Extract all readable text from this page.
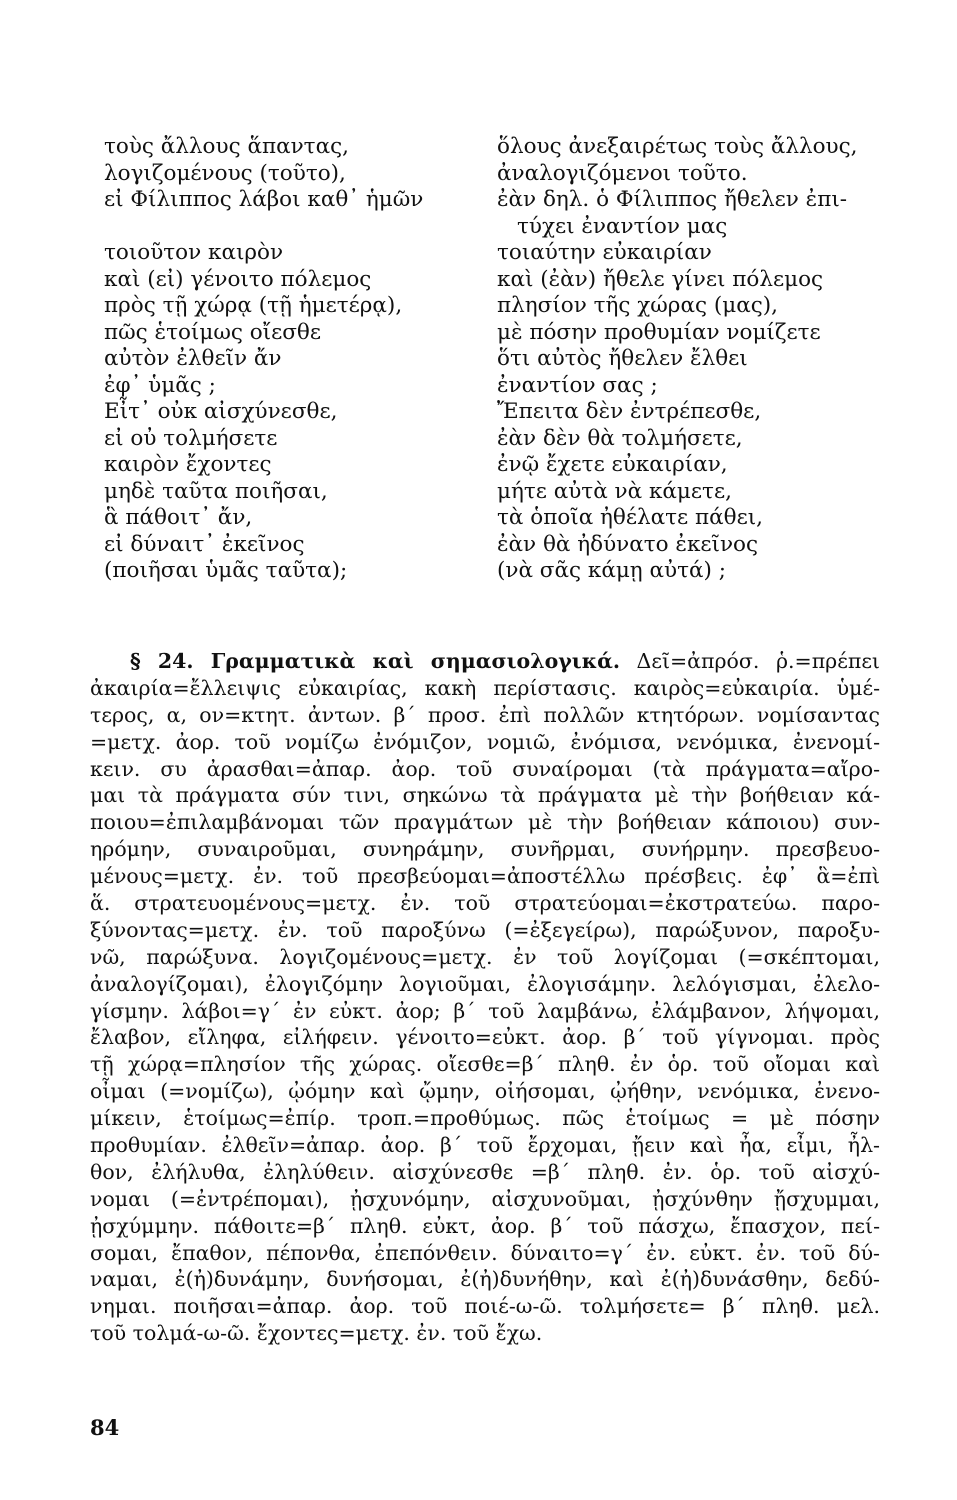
τοὺς ἄλλους ἅπαντας,
λογιζομένους (τοῦτο),
εἰ Φίλιππος λάβοι καθ᾽ ἡμῶν
τοιοῦτον καιρὸν
καὶ (εἰ) γένοιτο πόλεμος
πρὸς τῇ χώρᾳ (τῇ ἡμετέρᾳ),
πῶς ἑτοίμως οἴεσθε
αὐτὸν ἐλθεῖν ἄν
ἐφ᾽ ὑμᾶς ;
Εἶτ᾽ οὐκ αἰσχύνεσθε,
εἰ οὐ τολμήσετε
καιρὸν ἔχοντες
μηδὲ ταῦτα ποιῆσαι,
ἃ πάθοιτ᾽ ἄν,
εἰ δύναιτ᾽ ἐκεῖνος
(ποιῆσαι ὑμᾶς ταῦτα);
ὅλους ἀνεξαιρέτως τοὺς ἄλλους,
ἀναλογιζόμενοι τοῦτο.
ἐὰν δηλ. ὁ Φίλιππος ἤθελεν ἐπι-
τύχει ἐναντίον μας
τοιαύτην εὐκαιρίαν
καὶ (ἐὰν) ἤθελε γίνει πόλεμος
πλησίον τῆς χώρας (μας),
μὲ πόσην προθυμίαν νομίζετε
ὅτι αὐτὸς ἤθελεν ἔλθει
ἐναντίον σας ;
Ἔπειτα δὲν ἐντρέπεσθε,
ἐὰν δὲν θὰ τολμήσετε,
ἐνῷ ἔχετε εὐκαιρίαν,
μήτε αὐτὰ νὰ κάμετε,
τὰ ὁποῖα ἠθέλατε πάθει,
ἐὰν θὰ ἠδύνατο ἐκεῖνος
(νὰ σᾶς κάμῃ αὐτά) ;
§ 24. Γραμματικὰ καὶ σημασιολογικά. Δεῖ=ἀπρόσ. ῥ.=πρέπει
ἀκαιρία=ἔλλειψις εὐκαιρίας, κακὴ περίστασις. καιρὸς=εὐκαιρία. ὑμέ-
τερος, α, ον=κτητ. ἀντων. β΄ προσ. ἐπὶ πολλῶν κτητόρων. νομίσαντας
=μετχ. ἀορ. τοῦ νομίζω ἐνόμιζον, νομιῶ, ἐνόμισα, νενόμικα, ἐνενομί-
κειν. συ ἀρασθαι=ἀπαρ. ἀορ. τοῦ συναίρομαι (τὰ πράγματα=αἴρο-
μαι τὰ πράγματα σύν τινι, σηκώνω τὰ πράγματα μὲ τὴν βοήθειαν κά-
ποιου=ἐπιλαμβάνομαι τῶν πραγμάτων μὲ τὴν βοήθειαν κάποιου) συν-
ηρόμην, συναιροῦμαι, συνηράμην, συνῆρμαι, συνήρμην. πρεσβευο-
μένους=μετχ. ἐν. τοῦ πρεσβεύομαι=ἀποστέλλω πρέσβεις. ἐφ᾽ ἃ=ἐπὶ
ἅ. στρατευομένους=μετχ. ἐν. τοῦ στρατεύομαι=ἐκστρατεύω. παρο-
ξύνοντας=μετχ. ἐν. τοῦ παροξύνω (=ἐξεγείρω), παρώξυνον, παροξυ-
νῶ, παρώξυνα. λογιζομένους=μετχ. ἐν τοῦ λογίζομαι (=σκέπτομαι,
ἀναλογίζομαι), ἐλογιζόμην λογιοῦμαι, ἐλογισάμην. λελόγισμαι, ἐλελο-
γίσμην. λάβοι=γ΄ ἐν εὐκτ. ἀορ; β΄ τοῦ λαμβάνω, ἐλάμβανον, λήψομαι,
ἔλαβον, εἴληφα, εἰλήφειν. γένοιτο=εὐκτ. ἀορ. β΄ τοῦ γίγνομαι. πρὸς
τῇ χώρᾳ=πλησίον τῆς χώρας. οἴεσθε=β΄ πληθ. ἐν ὁρ. τοῦ οἴομαι καὶ
οἶμαι (=νομίζω), ᾠόμην καὶ ᾤμην, οἰήσομαι, ᾠήθην, νενόμικα, ἐνενο-
μίκειν, ἑτοίμως=ἐπίρ. τροπ.=προθύμως. πῶς ἑτοίμως = μὲ πόσην
προθυμίαν. ἐλθεῖν=ἀπαρ. ἀορ. β΄ τοῦ ἔρχομαι, ᾔειν καὶ ἦα, εἶμι, ἦλ-
θον, ἐλήλυθα, ἐληλύθειν. αἰσχύνεσθε =β΄ πληθ. ἐν. ὁρ. τοῦ αἰσχύ-
νομαι (=ἐντρέπομαι), ᾐσχυνόμην, αἰσχυνοῦμαι, ᾐσχύνθην ᾔσχυμμαι,
ᾐσχύμμην. πάθοιτε=β΄ πληθ. εὐκτ, ἀορ. β΄ τοῦ πάσχω, ἔπασχον, πεί-
σομαι, ἔπαθον, πέπονθα, ἐπεπόνθειν. δύναιτο=γ΄ ἐν. εὐκτ. ἐν. τοῦ δύ-
ναμαι, ἐ(ἠ)δυνάμην, δυνήσομαι, ἐ(ἠ)δυνήθην, καὶ ἐ(ἠ)δυνάσθην, δεδύ-
νημαι. ποιῆσαι=ἀπαρ. ἀορ. τοῦ ποιέ-ω-ῶ. τολμήσετε= β΄ πληθ. μελ.
τοῦ τολμά-ω-ῶ. ἔχοντες=μετχ. ἐν. τοῦ ἔχω.
84
